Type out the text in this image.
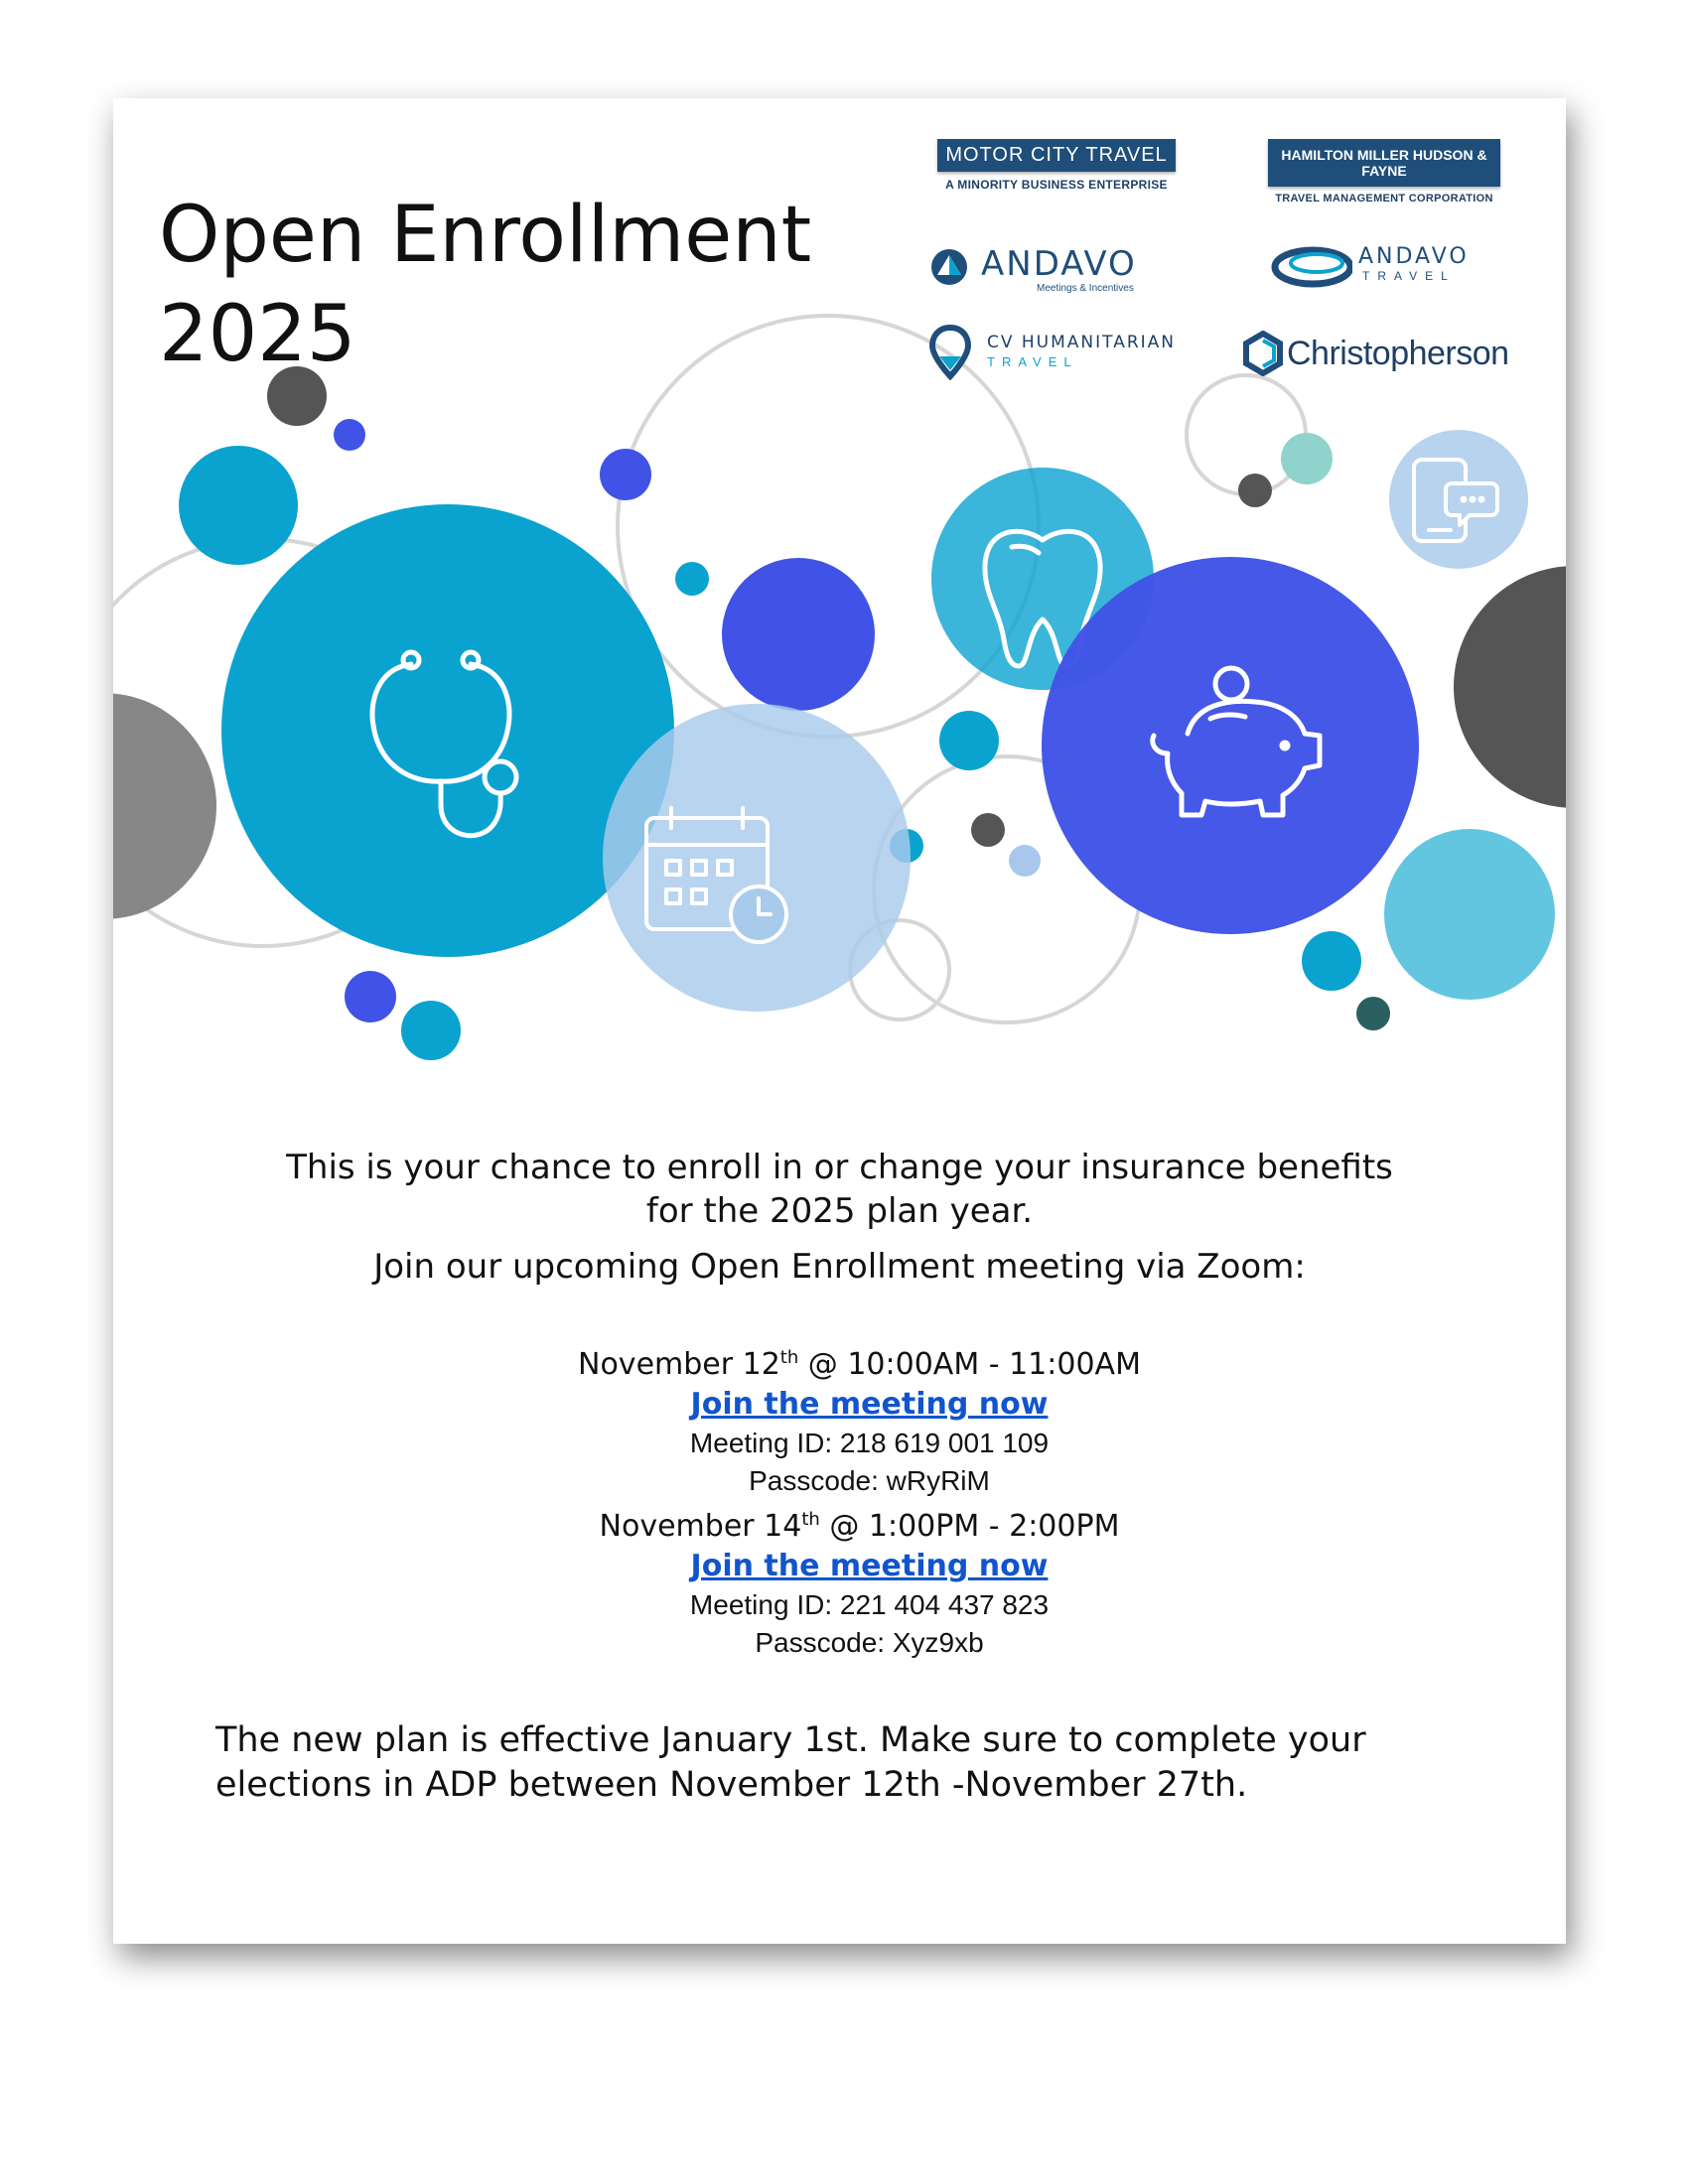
Open Enrollment
2025
MOTOR CITY TRAVEL
A MINORITY BUSINESS ENTERPRISE
HAMILTON MILLER HUDSON & FAYNE
TRAVEL MANAGEMENT CORPORATION
ANDAVO
Meetings & Incentives
ANDAVO
TRAVEL
CV HUMANITARIAN
TRAVEL	Christopherson

This is your chance to enroll in or change your insurance benefits
for the 2025 plan year.

Join our upcoming Open Enrollment meeting via Zoom:

November 12th @ 10:00AM - 11:00AM
Join the meeting now
Meeting ID: 218 619 001 109
Passcode: wRyRiM
November 14th @ 1:00PM - 2:00PM
Join the meeting now
Meeting ID: 221 404 437 823
Passcode: Xyz9xb

The new plan is effective January 1st. Make sure to complete your
elections in ADP between November 12th -November 27th.
